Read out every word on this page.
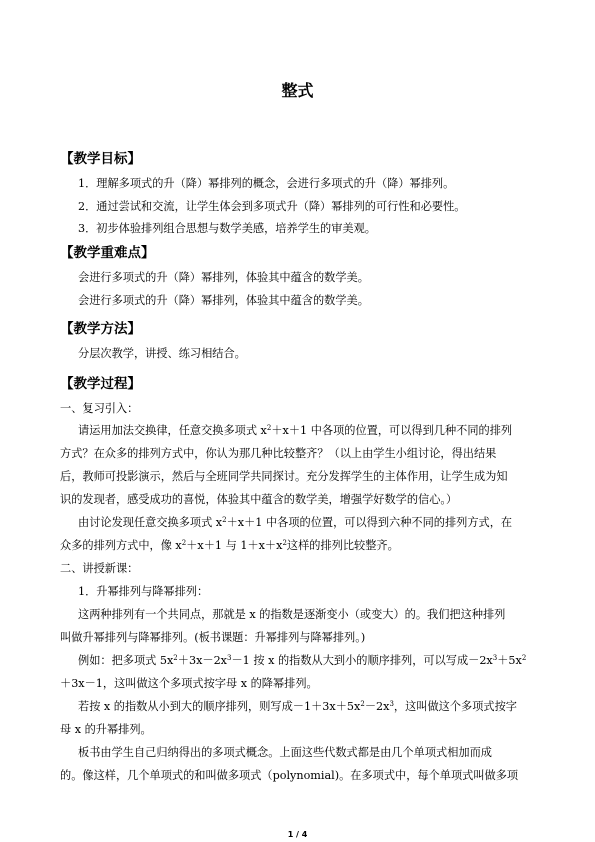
整式
【教学目标】
1．理解多项式的升（降）幂排列的概念，会进行多项式的升（降）幂排列。
2．通过尝试和交流，让学生体会到多项式升（降）幂排列的可行性和必要性。
3．初步体验排列组合思想与数学美感，培养学生的审美观。
【教学重难点】
会进行多项式的升（降）幂排列，体验其中蕴含的数学美。
会进行多项式的升（降）幂排列，体验其中蕴含的数学美。
【教学方法】
分层次教学，讲授、练习相结合。
【教学过程】
一、复习引入：
请运用加法交换律，任意交换多项式 $x^2+x+1$ 中各项的位置，可以得到几种不同的排列
方式？在众多的排列方式中，你认为那几种比较整齐？（以上由学生小组讨论，得出结果
后，教师可投影演示，然后与全班同学共同探讨。充分发挥学生的主体作用，让学生成为知
识的发现者，感受成功的喜悦，体验其中蕴含的数学美，增强学好数学的信心。）
由讨论发现任意交换多项式 $x^2+x+1$ 中各项的位置，可以得到六种不同的排列方式，在
众多的排列方式中，像 $x^2+x+1$ 与 $1+x+x^2$这样的排列比较整齐。
二、讲授新课：
1．升幂排列与降幂排列：
这两种排列有一个共同点，那就是 x 的指数是逐渐变小（或变大）的。我们把这种排列
叫做升幂排列与降幂排列。(板书课题：升幂排列与降幂排列。)
例如：把多项式 $5x^2+3x-2x^3-1$ 按 x 的指数从大到小的顺序排列，可以写成$-2x^3+5x^2$
＋3x－1，这叫做这个多项式按字母 x 的降幂排列。
若按 x 的指数从小到大的顺序排列，则写成$-1+3x+5x^2-2x^3$，这叫做这个多项式按字
母 x 的升幂排列。
板书由学生自己归纳得出的多项式概念。上面这些代数式都是由几个单项式相加而成
的。像这样，几个单项式的和叫做多项式（polynomial)。在多项式中，每个单项式叫做多项
1 / 4
